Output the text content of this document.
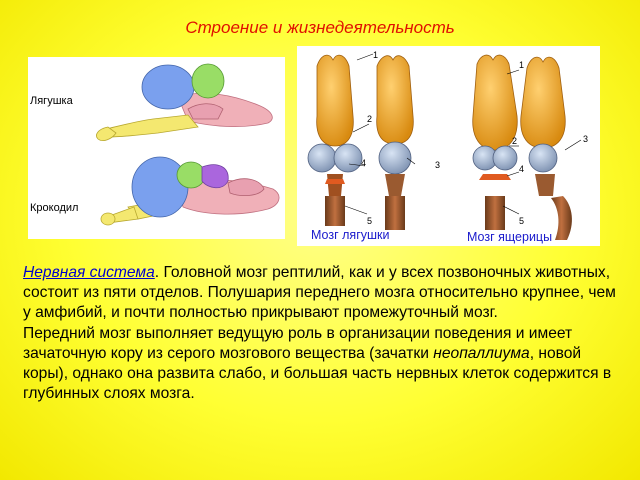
Строение и жизнедеятельность
Лягушка
Крокодил
1
2
3
4
5
1
2	3
4
5
Мозг лягушки	Мозг ящерицы

Нервная система. Головной мозг рептилий, как и у всех позвоночных животных, состоит из пяти отделов. Полушария переднего мозга относительно крупнее, чем у амфибий, и почти полностью прикрывают промежуточный мозг.

Передний мозг выполняет ведущую роль в организации поведения и имеет зачаточную кору из серого мозгового вещества (зачатки неопаллиума, новой коры), однако она развита слабо, и большая часть нервных клеток содержится в глубинных слоях мозга.
